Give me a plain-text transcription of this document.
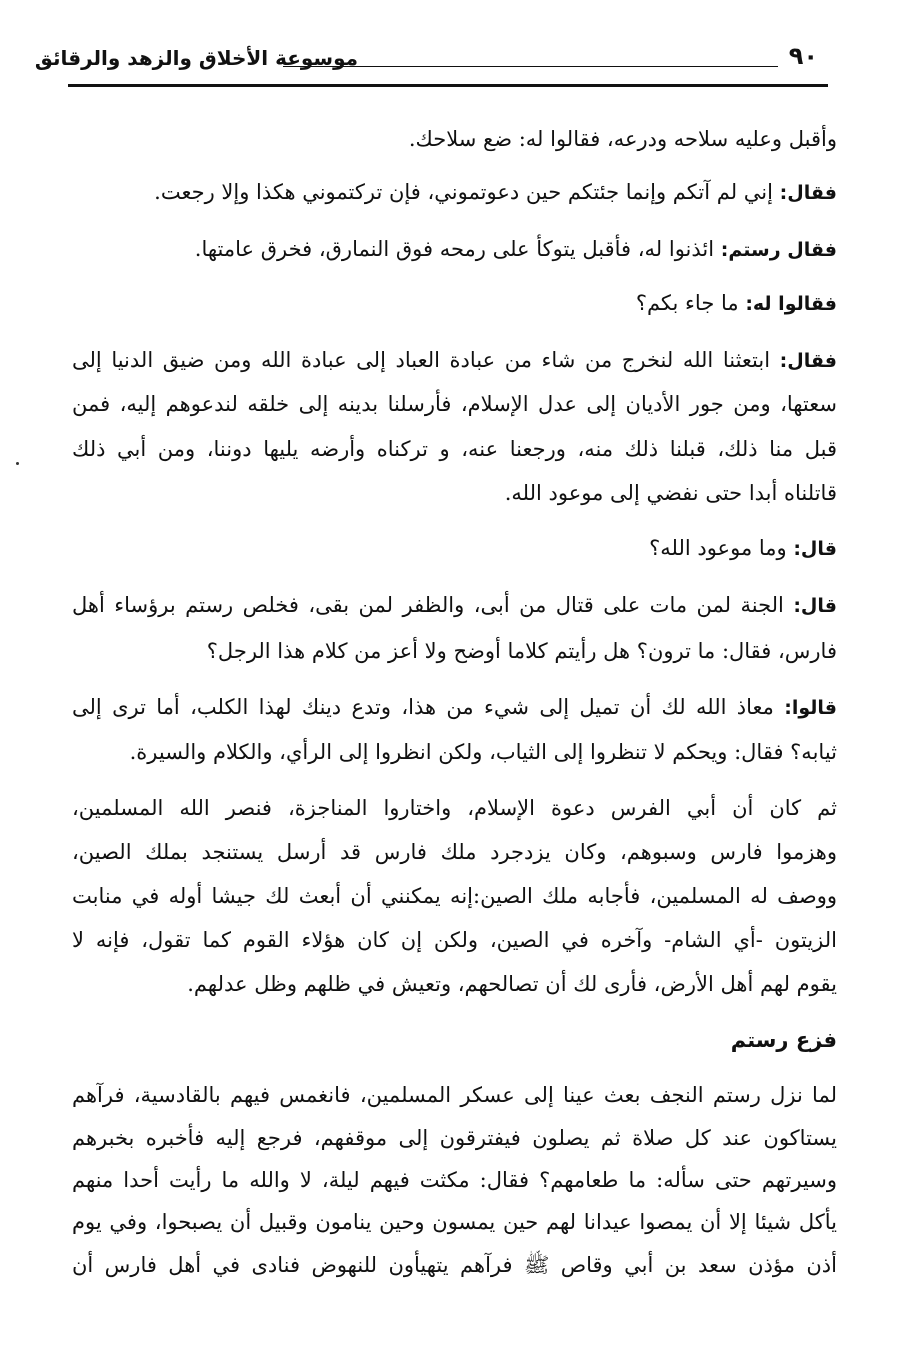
٩٠
موسوعة الأخلاق والزهد والرقائق
وأقبل وعليه سلاحه ودرعه، فقالوا له: ضع سلاحك.
فقال: إني لم آتكم وإنما جئتكم حين دعوتموني، فإن تركتموني هكذا وإلا رجعت.
فقال رستم: ائذنوا له، فأقبل يتوكأ على رمحه فوق النمارق، فخرق عامتها.
فقالوا له: ما جاء بكم؟
فقال: ابتعثنا الله لنخرج من شاء من عبادة العباد إلى عبادة الله ومن ضيق الدنيا إلى
سعتها، ومن جور الأديان إلى عدل الإسلام، فأرسلنا بدينه إلى خلقه لندعوهم إليه، فمن
قبل منا ذلك، قبلنا ذلك منه، ورجعنا عنه، و تركناه وأرضه يليها دوننا، ومن أبي ذلك
قاتلناه أبدا حتى نفضي إلى موعود الله.
قال: وما موعود الله؟
قال: الجنة لمن مات على قتال من أبى، والظفر لمن بقى، فخلص رستم برؤساء أهل
فارس، فقال: ما ترون؟ هل رأيتم كلاما أوضح ولا أعز من كلام هذا الرجل؟
قالوا: معاذ الله لك أن تميل إلى شيء من هذا، وتدع دينك لهذا الكلب، أما ترى إلى
ثيابه؟ فقال: ويحكم لا تنظروا إلى الثياب، ولكن انظروا إلى الرأي، والكلام والسيرة.
ثم كان أن أبي الفرس دعوة الإسلام، واختاروا المناجزة، فنصر الله المسلمين،
وهزموا فارس وسبوهم، وكان يزدجرد ملك فارس قد أرسل يستنجد بملك الصين،
ووصف له المسلمين، فأجابه ملك الصين:إنه يمكنني أن أبعث لك جيشا أوله في منابت
الزيتون -أي الشام- وآخره في الصين، ولكن إن كان هؤلاء القوم كما تقول، فإنه لا
يقوم لهم أهل الأرض، فأرى لك أن تصالحهم، وتعيش في ظلهم وظل عدلهم.
فزع رستم
لما نزل رستم النجف بعث عينا إلى عسكر المسلمين، فانغمس فيهم بالقادسية، فرآهم
يستاكون عند كل صلاة ثم يصلون فيفترقون إلى موقفهم، فرجع إليه فأخبره بخبرهم
وسيرتهم حتى سأله: ما طعامهم؟ فقال: مكثت فيهم ليلة، لا والله ما رأيت أحدا منهم
يأكل شيئا إلا أن يمصوا عيدانا لهم حين يمسون وحين ينامون وقبيل أن يصبحوا، وفي يوم
أذن مؤذن سعد بن أبي وقاص ﷺ فرآهم يتهيأون للنهوض فنادى في أهل فارس أن
